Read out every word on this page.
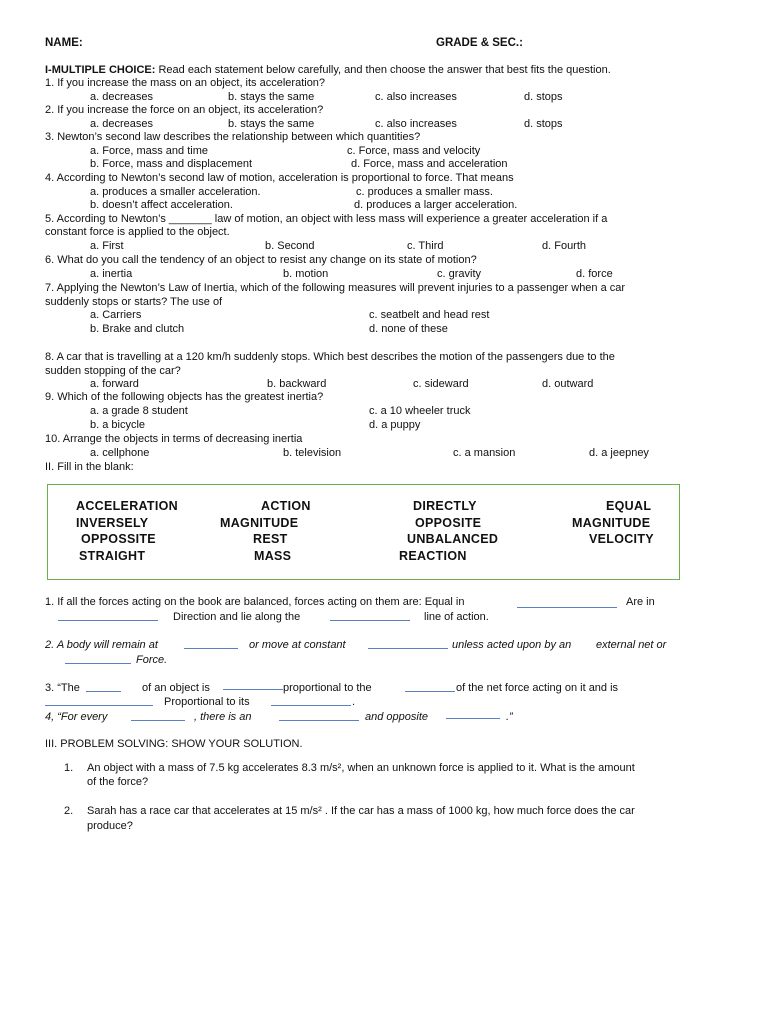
NAME:	GRADE & SEC.:
I-MULTIPLE CHOICE: Read each statement below carefully, and then choose the answer that best fits the question.
1. If you increase the mass on an object, its acceleration?
a. decreases	b. stays the same	c. also increases	d. stops
2. If you increase the force on an object, its acceleration?
a. decreases	b. stays the same	c. also increases	d. stops
3. Newton’s second law describes the relationship between which quantities?
a. Force, mass and time	c. Force, mass and velocity
b. Force, mass and displacement	d. Force, mass and acceleration
4. According to Newton’s second law of motion, acceleration is proportional to force. That means
a. produces a smaller acceleration.	c. produces a smaller mass.
b. doesn’t affect acceleration.	d. produces a larger acceleration.
5. According to Newton’s _______ law of motion, an object with less mass will experience a greater acceleration if a
constant force is applied to the object.
a. First	b. Second	c. Third	d. Fourth
6. What do you call the tendency of an object to resist any change on its state of motion?
a. inertia	b. motion	c. gravity	d. force
7. Applying the Newton’s Law of Inertia, which of the following measures will prevent injuries to a passenger when a car
suddenly stops or starts? The use of
a. Carriers	c. seatbelt and head rest
b. Brake and clutch	d. none of these
8. A car that is travelling at a 120 km/h suddenly stops. Which best describes the motion of the passengers due to the
sudden stopping of the car?
a. forward	b. backward	c. sideward	d. outward
9. Which of the following objects has the greatest inertia?
a. a grade 8 student	c. a 10 wheeler truck
b. a bicycle	d. a puppy
10. Arrange the objects in terms of decreasing inertia
a. cellphone	b. television	c. a mansion	d. a jeepney
II. Fill in the blank:
ACCELERATION	ACTION	DIRECTLY	EQUAL
INVERSELY	MAGNITUDE	OPPOSITE	MAGNITUDE
OPPOSSITE	REST	UNBALANCED	VELOCITY
STRAIGHT	MASS	REACTION
1. If all the forces acting on the book are balanced, forces acting on them are: Equal in	Are in
Direction and lie along the	line of action.
2. A body will remain at	or move at constant	unless acted upon by an external net or
Force.
3. “The	of an object is	proportional to the	of the net force acting on it and is
Proportional to its	.
4, “For every	, there is an	and opposite	.”
III. PROBLEM SOLVING: SHOW YOUR SOLUTION.
1. An object with a mass of 7.5 kg accelerates 8.3 m/s², when an unknown force is applied to it. What is the amount
of the force?
2. Sarah has a race car that accelerates at 15 m/s² . If the car has a mass of 1000 kg, how much force does the car
produce?
